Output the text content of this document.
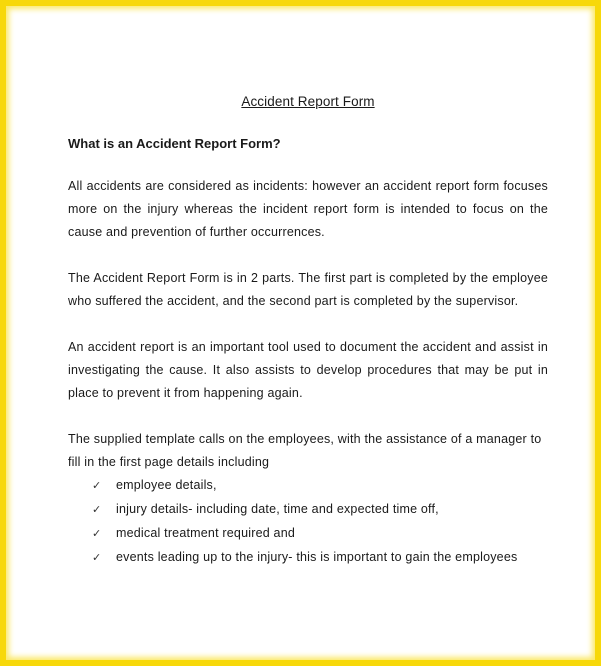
Accident Report Form
What is an Accident Report Form?

All accidents are considered as incidents: however an accident report form focuses more on the injury whereas the incident report form is intended to focus on the cause and prevention of further occurrences.

The Accident Report Form is in 2 parts. The first part is completed by the employee who suffered the accident, and the second part is completed by the supervisor.

An accident report is an important tool used to document the accident and assist in investigating the cause. It also assists to develop procedures that may be put in place to prevent it from happening again.

The supplied template calls on the employees, with the assistance of a manager to fill in the first page details including

✓	employee details,
✓	injury details- including date, time and expected time off,
✓	medical treatment required and
✓	events leading up to the injury- this is important to gain the employees
